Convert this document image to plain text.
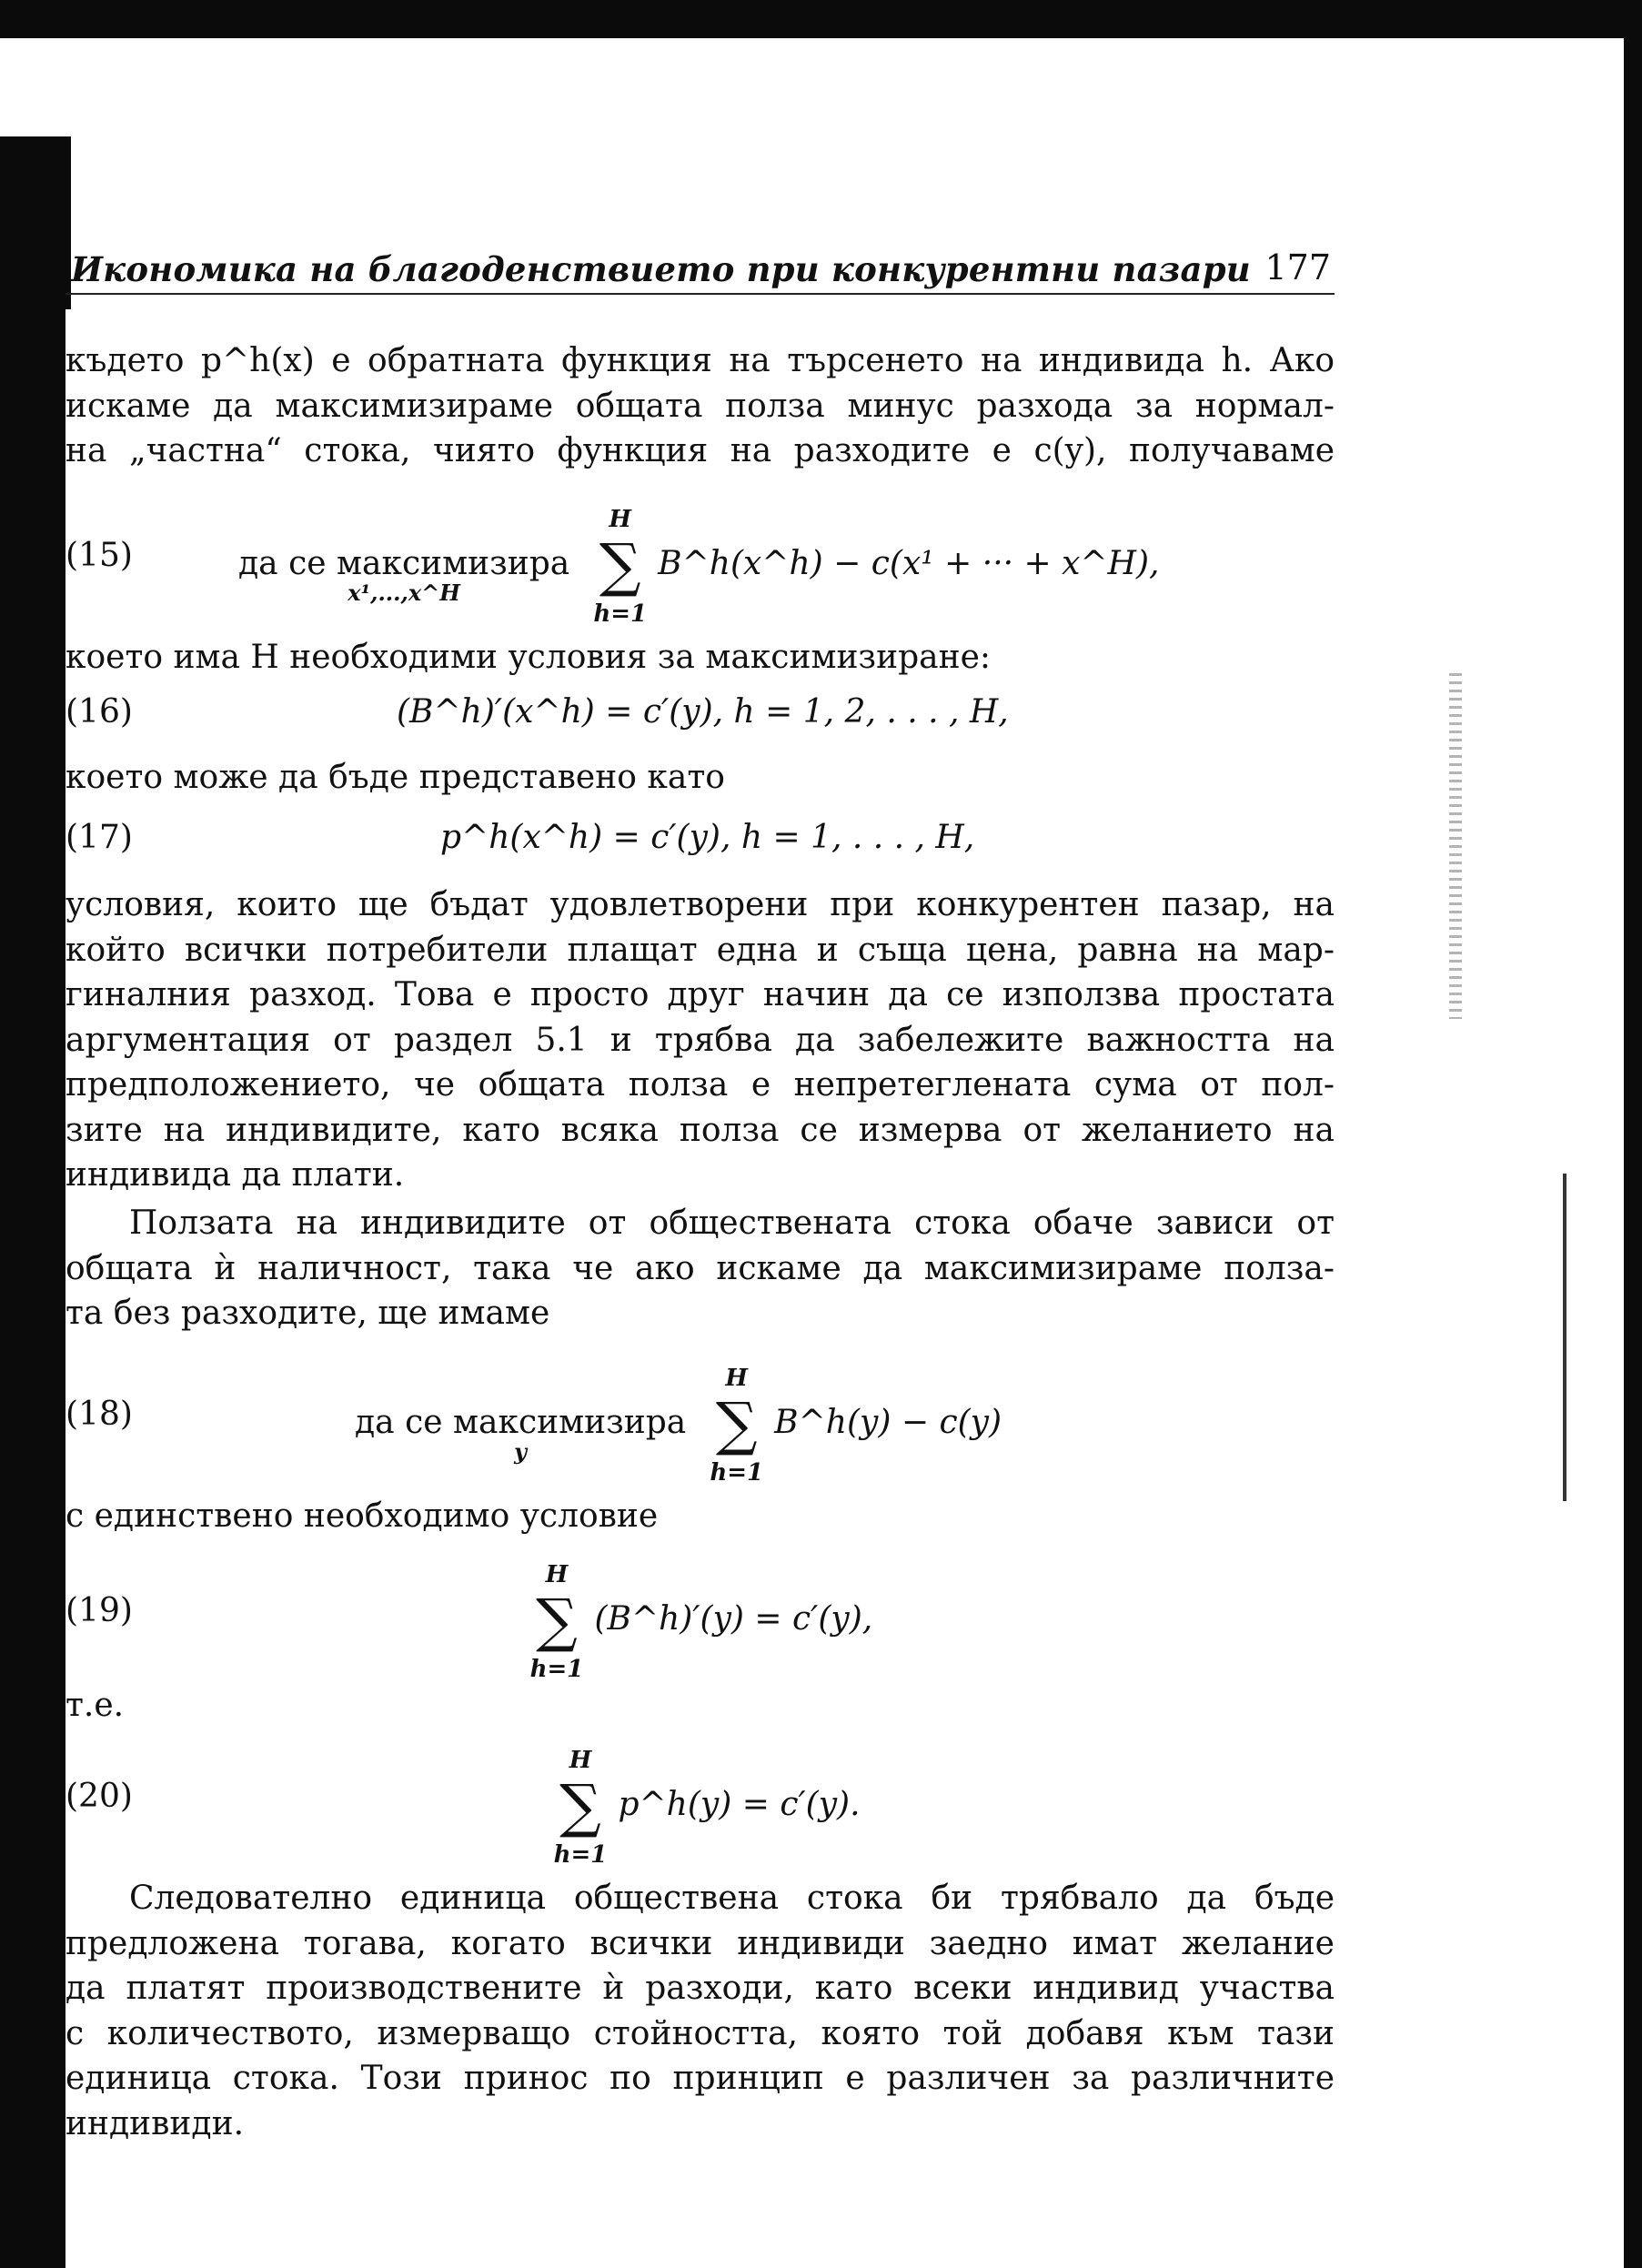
Икономика на благоденствието при конкурентни пазари 177
където p^h(x) е обратната функция на търсенето на индивида h. Ако
искаме да максимизираме общата полза минус разхода за нормал-
на „частна“ стока, чиято функция на разходите е c(y), получаваме
(15)	да се максимизира
x¹,...,x^H

H
∑
h=1
B^h(x^h) − c(x¹ + ··· + x^H),
което има H необходими условия за максимизиране:
(16)	(B^h)′(x^h) = c′(y), h = 1, 2, . . . , H,
което може да бъде представено като
(17)	p^h(x^h) = c′(y), h = 1, . . . , H,
условия, които ще бъдат удовлетворени при конкурентен пазар, на
който всички потребители плащат една и съща цена, равна на мар-
гиналния разход. Това е просто друг начин да се използва простата
аргументация от раздел 5.1 и трябва да забележите важността на
предположението, че общата полза е непретеглената сума от пол-
зите на индивидите, като всяка полза се измерва от желанието на
индивида да плати.
Ползата на индивидите от обществената стока обаче зависи от
общата ѝ наличност, така че ако искаме да максимизираме полза-
та без разходите, ще имаме
(18)	да се максимизира
y

H
∑
h=1
B^h(y) − c(y)
с единствено необходимо условие
(19)
H
∑
h=1
(B^h)′(y) = c′(y),
т.е.
(20)
H
∑
h=1
p^h(y) = c′(y).
Следователно единица обществена стока би трябвало да бъде
предложена тогава, когато всички индивиди заедно имат желание
да платят производствените ѝ разходи, като всеки индивид участва
с количеството, измерващо стойността, която той добавя към тази
единица стока. Този принос по принцип е различен за различните
индивиди.
